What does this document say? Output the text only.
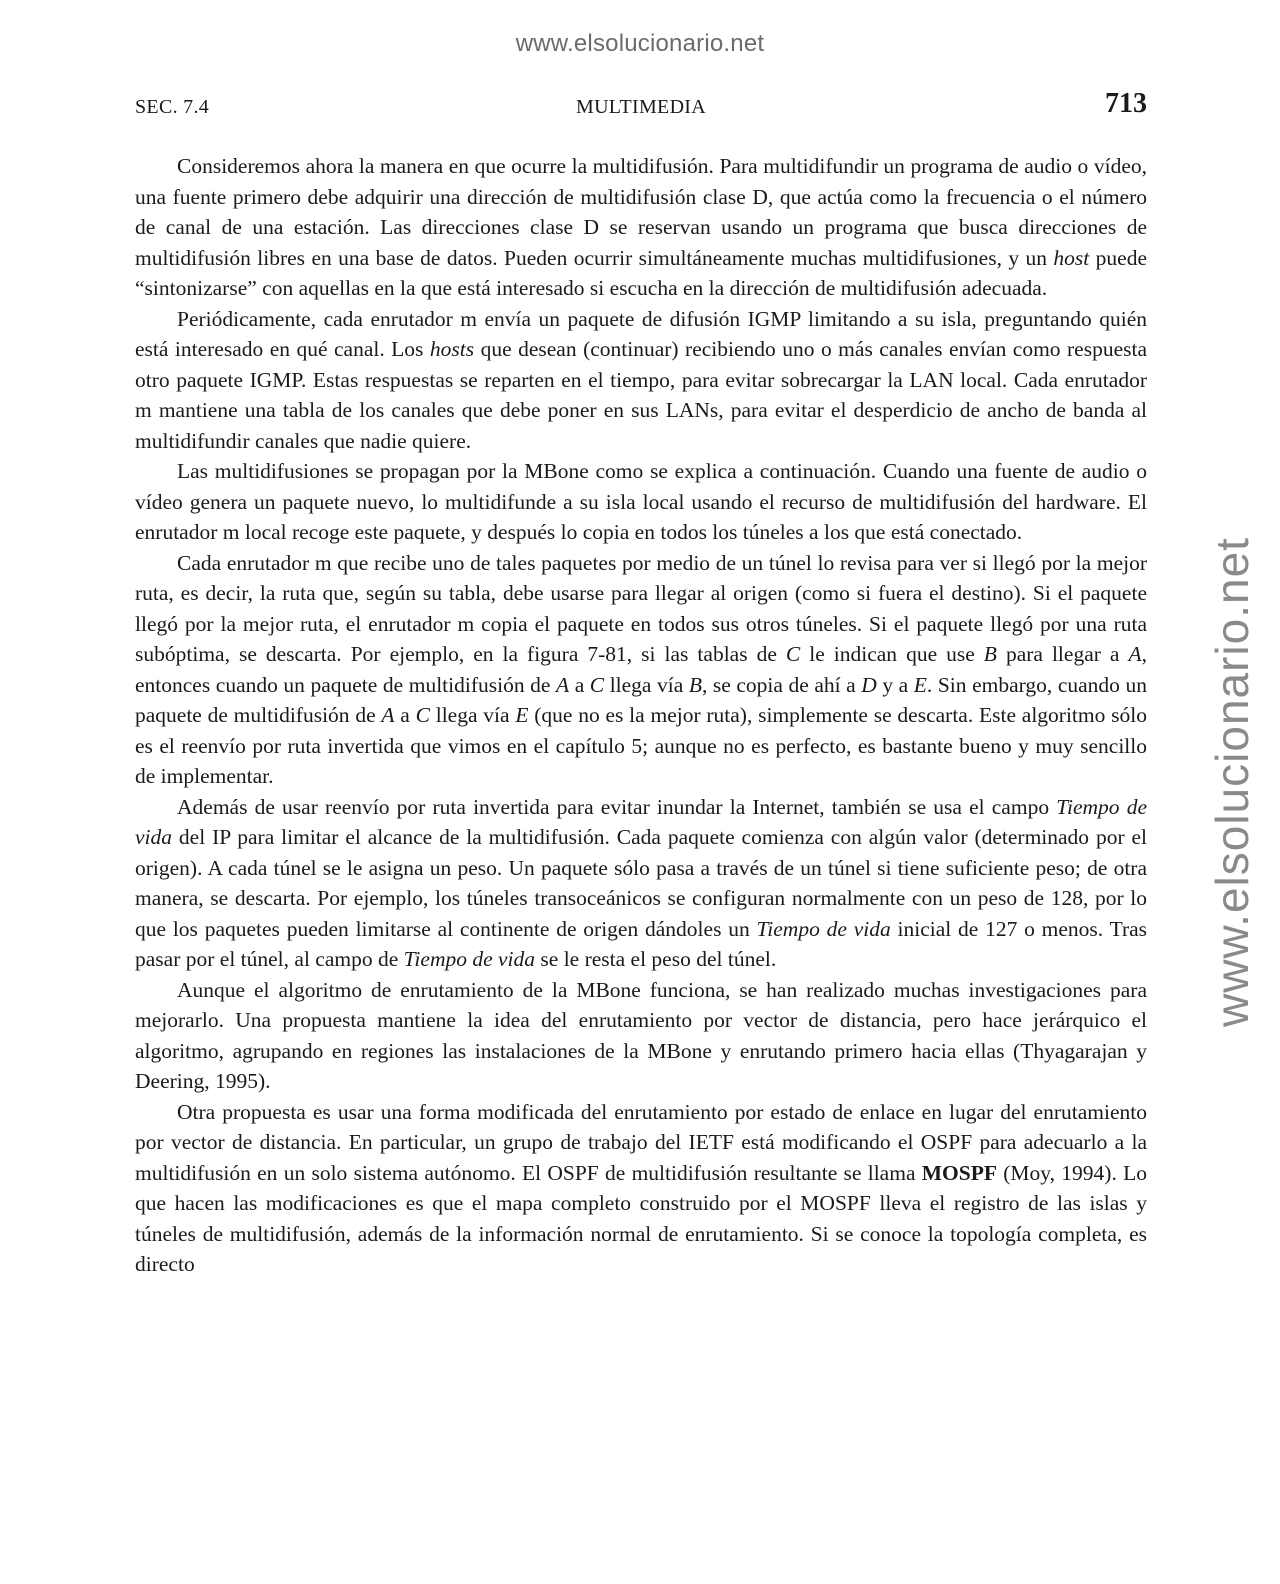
www.elsolucionario.net
www.elsolucionario.net
SEC. 7.4	MULTIMEDIA	713

Consideremos ahora la manera en que ocurre la multidifusión. Para multidifundir un programa de audio o vídeo, una fuente primero debe adquirir una dirección de multidifusión clase D, que actúa como la frecuencia o el número de canal de una estación. Las direcciones clase D se reservan usando un programa que busca direcciones de multidifusión libres en una base de datos. Pueden ocurrir simultáneamente muchas multidifusiones, y un host puede “sintonizarse” con aquellas en la que está interesado si escucha en la dirección de multidifusión adecuada.

Periódicamente, cada enrutador m envía un paquete de difusión IGMP limitando a su isla, preguntando quién está interesado en qué canal. Los hosts que desean (continuar) recibiendo uno o más canales envían como respuesta otro paquete IGMP. Estas respuestas se reparten en el tiempo, para evitar sobrecargar la LAN local. Cada enrutador m mantiene una tabla de los canales que debe poner en sus LANs, para evitar el desperdicio de ancho de banda al multidifundir canales que nadie quiere.

Las multidifusiones se propagan por la MBone como se explica a continuación. Cuando una fuente de audio o vídeo genera un paquete nuevo, lo multidifunde a su isla local usando el recurso de multidifusión del hardware. El enrutador m local recoge este paquete, y después lo copia en todos los túneles a los que está conectado.

Cada enrutador m que recibe uno de tales paquetes por medio de un túnel lo revisa para ver si llegó por la mejor ruta, es decir, la ruta que, según su tabla, debe usarse para llegar al origen (como si fuera el destino). Si el paquete llegó por la mejor ruta, el enrutador m copia el paquete en todos sus otros túneles. Si el paquete llegó por una ruta subóptima, se descarta. Por ejemplo, en la figura 7-81, si las tablas de C le indican que use B para llegar a A, entonces cuando un paquete de multidifusión de A a C llega vía B, se copia de ahí a D y a E. Sin embargo, cuando un paquete de multidifusión de A a C llega vía E (que no es la mejor ruta), simplemente se descarta. Este algoritmo sólo es el reenvío por ruta invertida que vimos en el capítulo 5; aunque no es perfecto, es bastante bueno y muy sencillo de implementar.

Además de usar reenvío por ruta invertida para evitar inundar la Internet, también se usa el campo Tiempo de vida del IP para limitar el alcance de la multidifusión. Cada paquete comienza con algún valor (determinado por el origen). A cada túnel se le asigna un peso. Un paquete sólo pasa a través de un túnel si tiene suficiente peso; de otra manera, se descarta. Por ejemplo, los túneles transoceánicos se configuran normalmente con un peso de 128, por lo que los paquetes pueden limitarse al continente de origen dándoles un Tiempo de vida inicial de 127 o menos. Tras pasar por el túnel, al campo de Tiempo de vida se le resta el peso del túnel.

Aunque el algoritmo de enrutamiento de la MBone funciona, se han realizado muchas investigaciones para mejorarlo. Una propuesta mantiene la idea del enrutamiento por vector de distancia, pero hace jerárquico el algoritmo, agrupando en regiones las instalaciones de la MBone y enrutando primero hacia ellas (Thyagarajan y Deering, 1995).

Otra propuesta es usar una forma modificada del enrutamiento por estado de enlace en lugar del enrutamiento por vector de distancia. En particular, un grupo de trabajo del IETF está modificando el OSPF para adecuarlo a la multidifusión en un solo sistema autónomo. El OSPF de multidifusión resultante se llama MOSPF (Moy, 1994). Lo que hacen las modificaciones es que el mapa completo construido por el MOSPF lleva el registro de las islas y túneles de multidifusión, además de la información normal de enrutamiento. Si se conoce la topología completa, es directo
